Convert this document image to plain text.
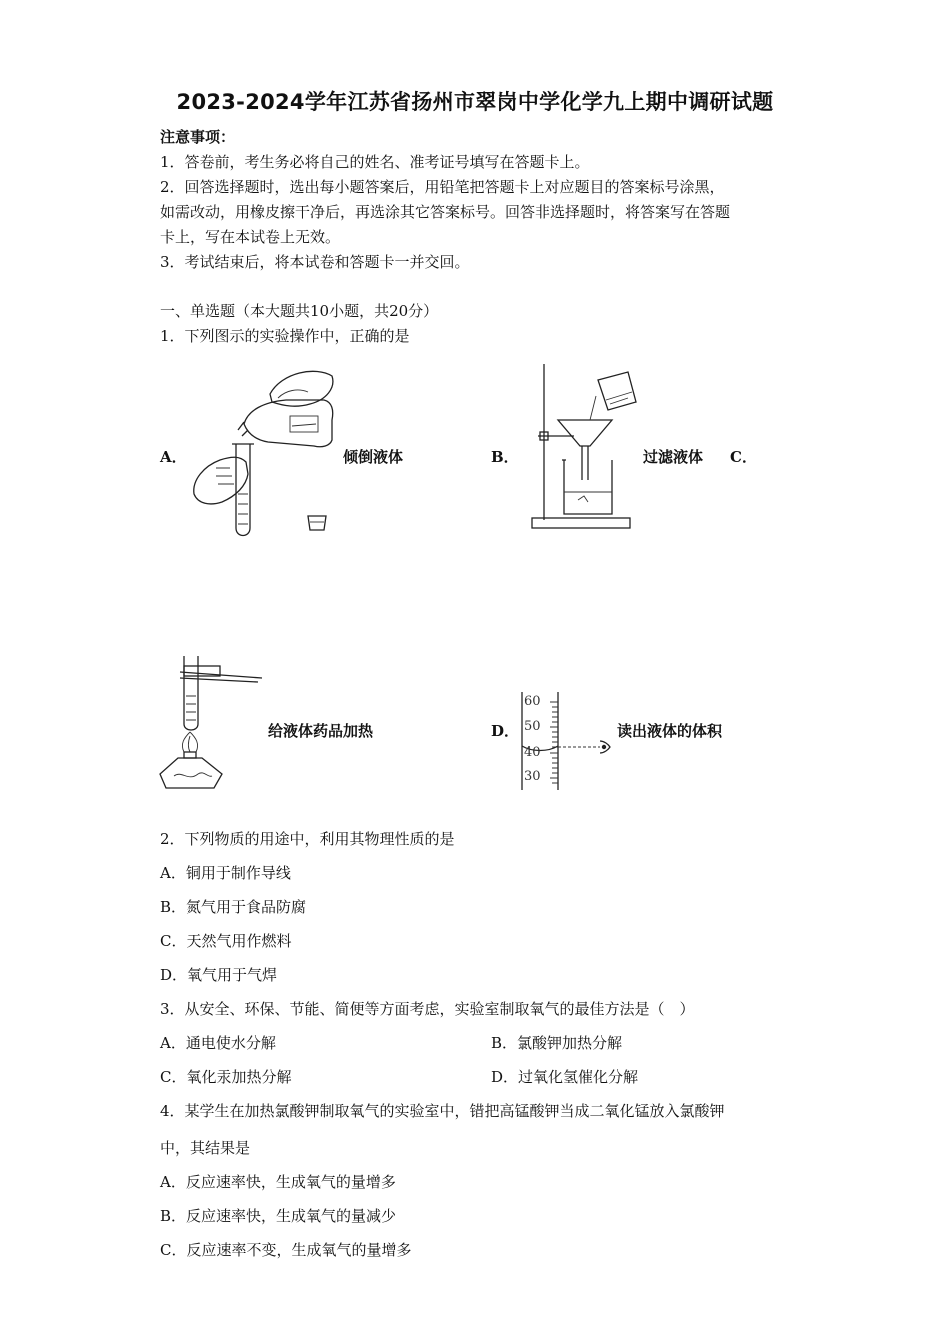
2023-2024学年江苏省扬州市翠岗中学化学九上期中调研试题
注意事项：
1．答卷前，考生务必将自己的姓名、准考证号填写在答题卡上。
2．回答选择题时，选出每小题答案后，用铅笔把答题卡上对应题目的答案标号涂黑，
如需改动，用橡皮擦干净后，再选涂其它答案标号。回答非选择题时，将答案写在答题
卡上，写在本试卷上无效。
3．考试结束后，将本试卷和答题卡一并交回。
一、单选题（本大题共10小题，共20分）
1．下列图示的实验操作中，正确的是
A．	倾倒液体	B．	过滤液体 C．
给液体药品加热	D．
60
50
40
30
读出液体的体积
2．下列物质的用途中，利用其物理性质的是
A．铜用于制作导线
B．氮气用于食品防腐
C．天然气用作燃料
D．氧气用于气焊
3．从安全、环保、节能、简便等方面考虑，实验室制取氧气的最佳方法是（　）
A．通电使水分解	B．氯酸钾加热分解
C．氧化汞加热分解	D．过氧化氢催化分解
4．某学生在加热氯酸钾制取氧气的实验室中，错把高锰酸钾当成二氧化锰放入氯酸钾
中，其结果是
A．反应速率快，生成氧气的量增多
B．反应速率快，生成氧气的量减少
C．反应速率不变，生成氧气的量增多
